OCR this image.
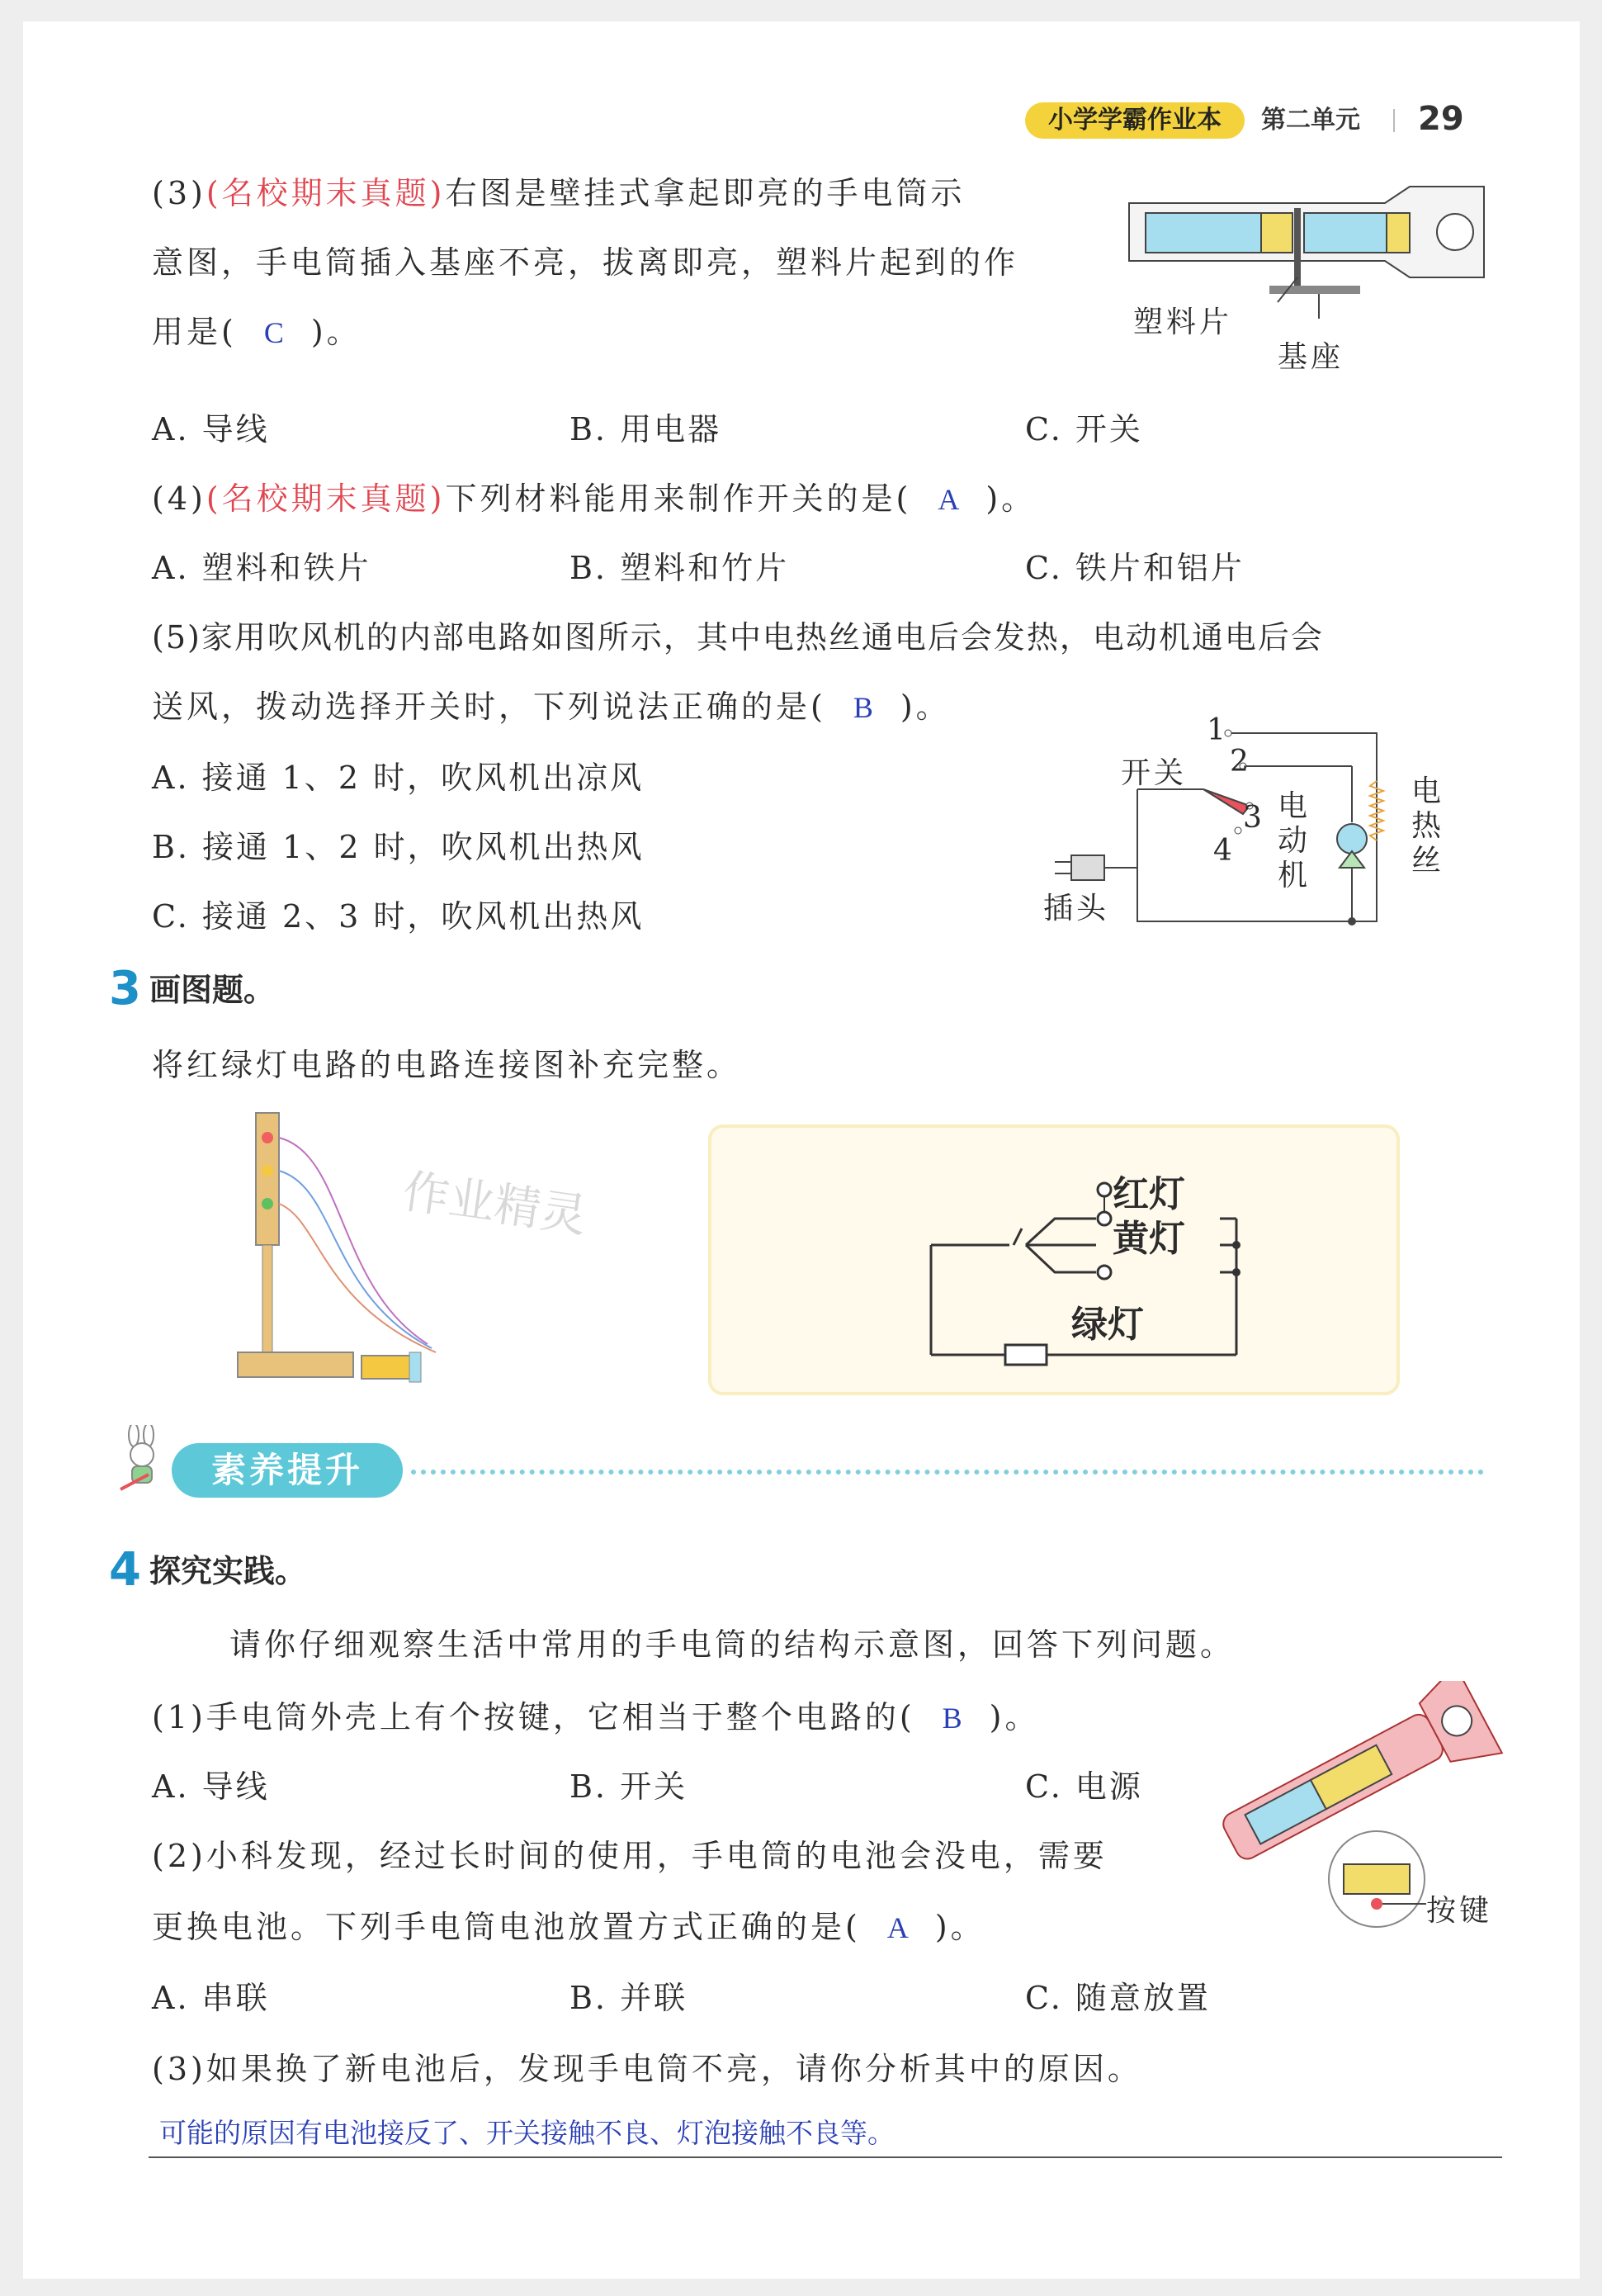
小学学霸作业本	第二单元 29
(3)(名校期末真题)右图是壁挂式拿起即亮的手电筒示
意图，手电筒插入基座不亮，拔离即亮，塑料片起到的作
用是( C )。	塑料片
基座
A. 导线	B. 用电器	C. 开关
(4)(名校期末真题)下列材料能用来制作开关的是( A )。
A. 塑料和铁片	B. 塑料和竹片	C. 铁片和铝片
(5)家用吹风机的内部电路如图所示，其中电热丝通电后会发热，电动机通电后会
送风，拨动选择开关时，下列说法正确的是( B )。
A. 接通 1、2 时，吹风机出凉风
B. 接通 1、2 时，吹风机出热风
C. 接通 2、3 时，吹风机出热风
1
2
3
4
开关
插头
电
动
机
电
热
丝
3 画图题。
将红绿灯电路的电路连接图补充完整。
作业精灵	红灯
黄灯
绿灯
素养提升
4 探究实践。
请你仔细观察生活中常用的手电筒的结构示意图，回答下列问题。
(1)手电筒外壳上有个按键，它相当于整个电路的( B )。
A. 导线	B. 开关	C. 电源
(2)小科发现，经过长时间的使用，手电筒的电池会没电，需要
更换电池。下列手电筒电池放置方式正确的是( A )。
A. 串联	B. 并联	C. 随意放置
按键
(3)如果换了新电池后，发现手电筒不亮，请你分析其中的原因。
可能的原因有电池接反了、开关接触不良、灯泡接触不良等。
